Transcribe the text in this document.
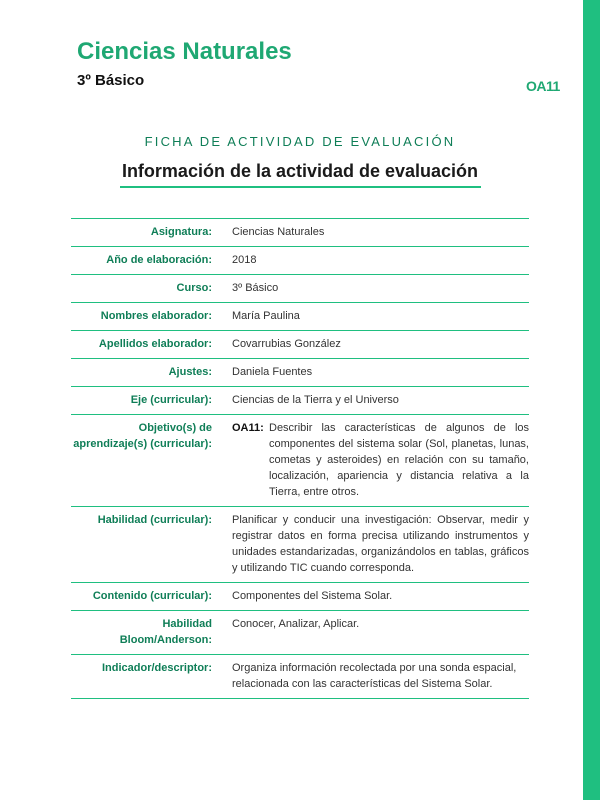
Ciencias Naturales
3º Básico	OA11
FICHA DE ACTIVIDAD DE EVALUACIÓN
Información de la actividad de evaluación
Asignatura:		Ciencias Naturales
Año de elaboración:		2018
Curso:		3º Básico
Nombres elaborador:		María Paulina
Apellidos elaborador:		Covarrubias González
Ajustes:		Daniela Fuentes
Eje (curricular):		Ciencias de la Tierra y el Universo
Objetivo(s) de aprendizaje(s) (curricular):		OA11: Describir las características de algunos de los componentes del sistema solar (Sol, planetas, lunas, cometas y asteroides) en relación con su tamaño, localización, apariencia y distancia relativa a la Tierra, entre otros.

Habilidad (curricular):		Planificar y conducir una investigación: Observar, medir y registrar datos en forma precisa utilizando instrumentos y unidades estandarizadas, organizándolos en tablas, gráficos y utilizando TIC cuando corresponda.
Contenido (curricular):		Componentes del Sistema Solar.
Habilidad Bloom/Anderson:		Conocer, Analizar, Aplicar.
Indicador/descriptor:		Organiza información recolectada por una sonda espacial, relacionada con las características del Sistema Solar.
